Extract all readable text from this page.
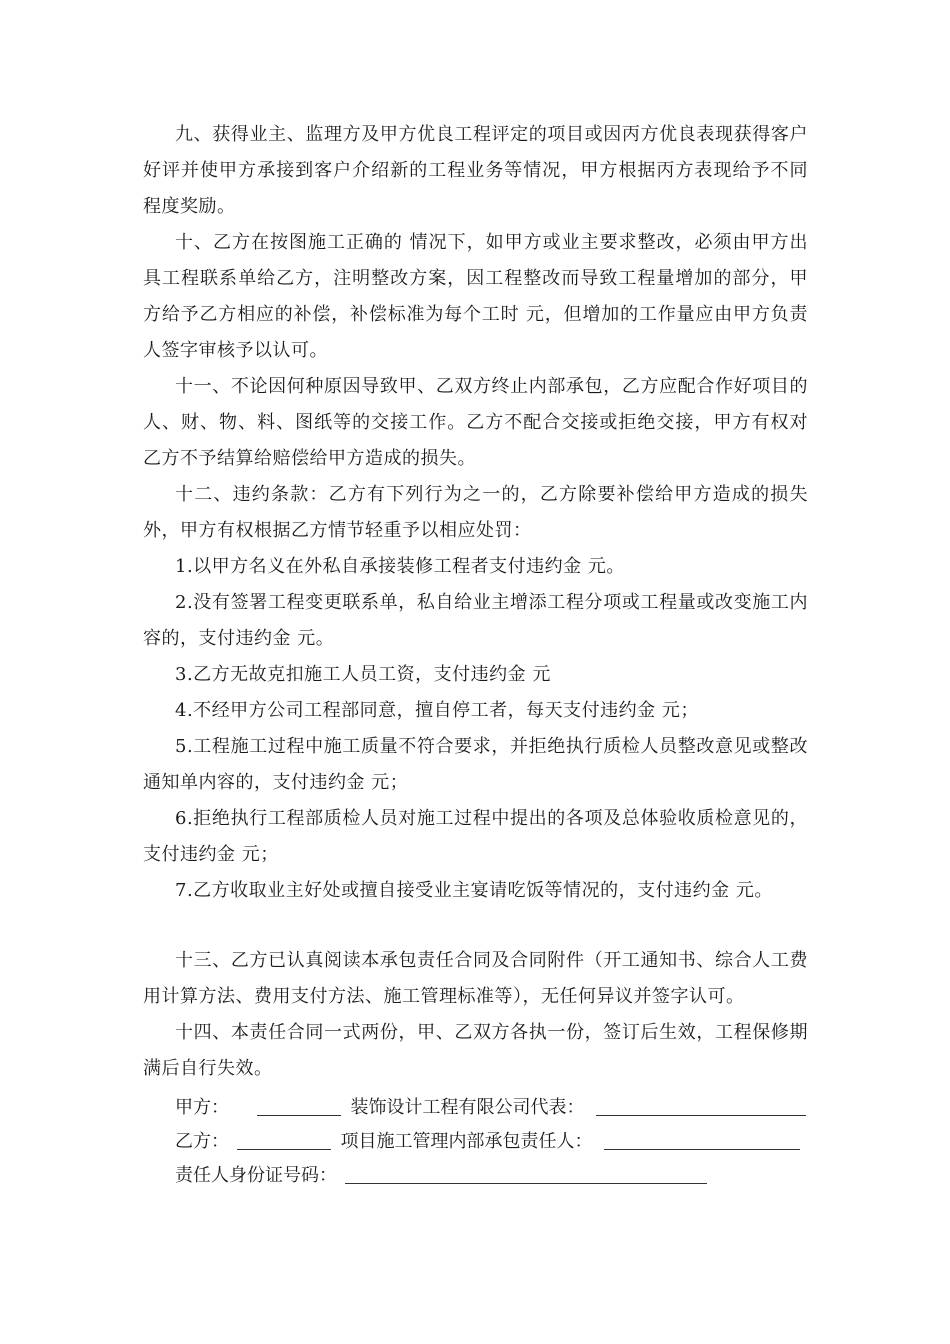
九、获得业主、监理方及甲方优良工程评定的项目或因丙方优良表现获得客户好评并使甲方承接到客户介绍新的工程业务等情况，甲方根据丙方表现给予不同程度奖励。

十、乙方在按图施工正确的 情况下，如甲方或业主要求整改，必须由甲方出具工程联系单给乙方，注明整改方案，因工程整改而导致工程量增加的部分，甲方给予乙方相应的补偿，补偿标准为每个工时 元，但增加的工作量应由甲方负责人签字审核予以认可。

十一、不论因何种原因导致甲、乙双方终止内部承包，乙方应配合作好项目的人、财、物、料、图纸等的交接工作。乙方不配合交接或拒绝交接，甲方有权对乙方不予结算给赔偿给甲方造成的损失。

十二、违约条款：乙方有下列行为之一的，乙方除要补偿给甲方造成的损失外，甲方有权根据乙方情节轻重予以相应处罚：

1.以甲方名义在外私自承接装修工程者支付违约金 元。

2.没有签署工程变更联系单，私自给业主增添工程分项或工程量或改变施工内容的，支付违约金 元。

3.乙方无故克扣施工人员工资，支付违约金 元

4.不经甲方公司工程部同意，擅自停工者，每天支付违约金 元；

5.工程施工过程中施工质量不符合要求，并拒绝执行质检人员整改意见或整改通知单内容的，支付违约金 元；

6.拒绝执行工程部质检人员对施工过程中提出的各项及总体验收质检意见的，支付违约金 元；

7.乙方收取业主好处或擅自接受业主宴请吃饭等情况的，支付违约金 元。

十三、乙方已认真阅读本承包责任合同及合同附件（开工通知书、综合人工费用计算方法、费用支付方法、施工管理标准等），无任何异议并签字认可。

十四、本责任合同一式两份，甲、乙双方各执一份，签订后生效，工程保修期满后自行失效。

甲方：	装饰设计工程有限公司代表：
乙方：	项目施工管理内部承包责任人：
责任人身份证号码：
